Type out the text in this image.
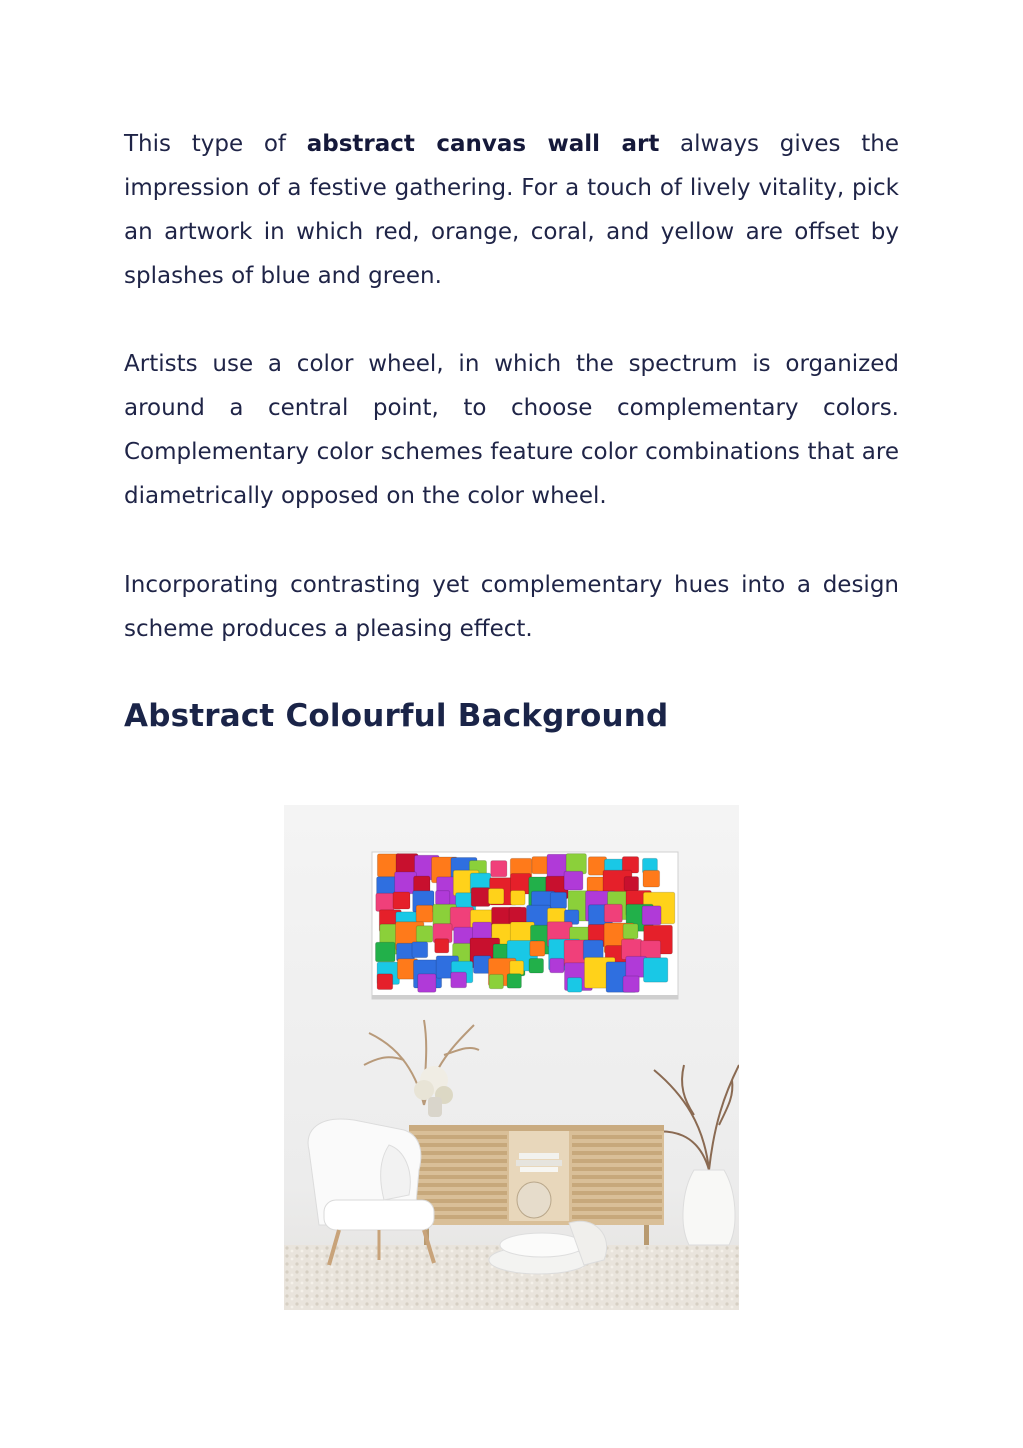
This type of abstract canvas wall art always gives the impression of a festive gathering. For a touch of lively vitality, pick an artwork in which red, orange, coral, and yellow are offset by splashes of blue and green.

Artists use a color wheel, in which the spectrum is organized around a central point, to choose complementary colors. Complementary color schemes feature color combinations that are diametrically opposed on the color wheel.

Incorporating contrasting yet complementary hues into a design scheme produces a pleasing effect.

Abstract Colourful Background
